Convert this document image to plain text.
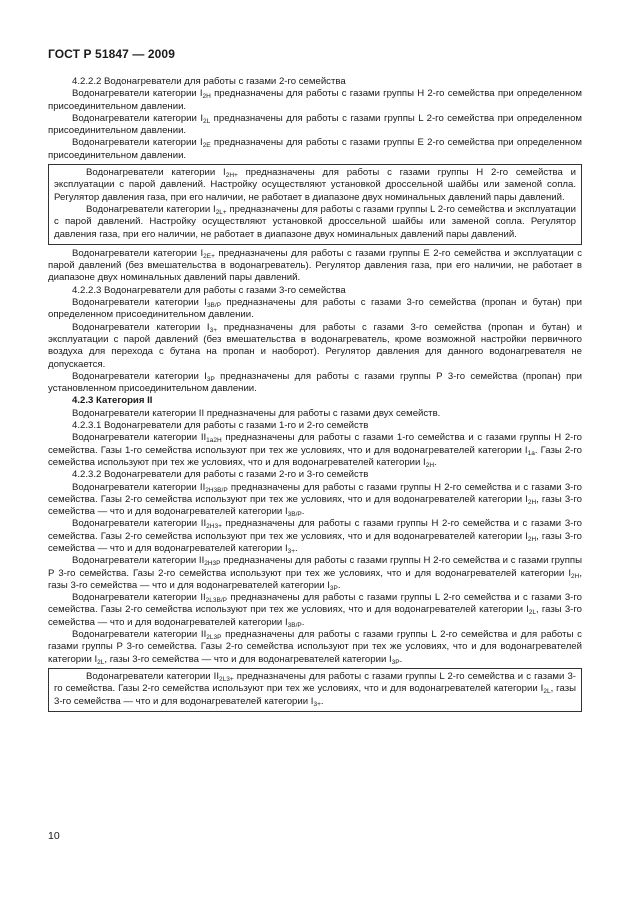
ГОСТ Р 51847 — 2009

4.2.2.2 Водонагреватели для работы с газами 2-го семейства

Водонагреватели категории $I_{2H}$ предназначены для работы с газами группы Н 2-го семейства при определенном присоединительном давлении.

Водонагреватели категории $I_{2L}$ предназначены для работы с газами группы L 2-го семейства при определенном присоединительном давлении.

Водонагреватели категории $I_{2E}$ предназначены для работы с газами группы Е 2-го семейства при определенном присоединительном давлении.

Водонагреватели категории $I_{2H+}$ предназначены для работы с газами группы Н 2-го семейства и эксплуатации с парой давлений. Настройку осуществляют установкой дроссельной шайбы или заменой сопла. Регулятор давления газа, при его наличии, не работает в диапазоне двух номинальных давлений пары давлений.

Водонагреватели категории $I_{2L+}$ предназначены для работы с газами группы L 2-го семейства и эксплуатации с парой давлений. Настройку осуществляют установкой дроссельной шайбы или заменой сопла. Регулятор давления газа, при его наличии, не работает в диапазоне двух номинальных давлений пары давлений.

Водонагреватели категории $I_{2E+}$ предназначены для работы с газами группы Е 2-го семейства и эксплуатации с парой давлений (без вмешательства в водонагреватель). Регулятор давления газа, при его наличии, не работает в диапазоне двух номинальных давлений пары давлений.

4.2.2.3 Водонагреватели для работы с газами 3-го семейства

Водонагреватели категории $I_{3B/P}$ предназначены для работы с газами 3-го семейства (пропан и бутан) при определенном присоединительном давлении.

Водонагреватели категории $I_{3+}$ предназначены для работы с газами 3-го семейства (пропан и бутан) и эксплуатации с парой давлений (без вмешательства в водонагреватель, кроме возможной настройки первичного воздуха для перехода с бутана на пропан и наоборот). Регулятор давления для данного водонагревателя не допускается.

Водонагреватели категории $I_{3P}$ предназначены для работы с газами группы Р 3-го семейства (пропан) при установленном присоединительном давлении.

4.2.3 Категория II

Водонагреватели категории II предназначены для работы с газами двух семейств.

4.2.3.1 Водонагреватели для работы с газами 1-го и 2-го семейств

Водонагреватели категории $II_{1a2H}$ предназначены для работы с газами 1-го семейства и с газами группы Н 2-го семейства. Газы 1-го семейства используют при тех же условиях, что и для водонагревателей категории $I_{1a}$. Газы 2-го семейства используют при тех же условиях, что и для водонагревателей категории $I_{2H}$.

4.2.3.2 Водонагреватели для работы с газами 2-го и 3-го семейств

Водонагреватели категории $II_{2H3B/P}$ предназначены для работы с газами группы Н 2-го семейства и с газами 3-го семейства. Газы 2-го семейства используют при тех же условиях, что и для водонагревателей категории $I_{2H}$, газы 3-го семейства — что и для водонагревателей категории $I_{3B/P}$.

Водонагреватели категории $II_{2H3+}$ предназначены для работы с газами группы Н 2-го семейства и с газами 3-го семейства. Газы 2-го семейства используют при тех же условиях, что и для водонагревателей категории $I_{2H}$, газы 3-го семейства — что и для водонагревателей категории $I_{3+}$.

Водонагреватели категории $II_{2H3P}$ предназначены для работы с газами группы Н 2-го семейства и с газами группы Р 3-го семейства. Газы 2-го семейства используют при тех же условиях, что и для водонагревателей категории $I_{2H}$, газы 3-го семейства — что и для водонагревателей категории $I_{3P}$.

Водонагреватели категории $II_{2L3B/P}$ предназначены для работы с газами группы L 2-го семейства и с газами 3-го семейства. Газы 2-го семейства используют при тех же условиях, что и для водонагревателей категории $I_{2L}$, газы 3-го семейства — что и для водонагревателей категории $I_{3B/P}$.

Водонагреватели категории $II_{2L3P}$ предназначены для работы с газами группы L 2-го семейства и для работы с газами группы Р 3-го семейства. Газы 2-го семейства используют при тех же условиях, что и для водонагревателей категории $I_{2L}$, газы 3-го семейства — что и для водонагревателей категории $I_{3P}$.

Водонагреватели категории $II_{2L3+}$ предназначены для работы с газами группы L 2-го семейства и с газами 3-го семейства. Газы 2-го семейства используют при тех же условиях, что и для водонагревателей категории $I_{2L}$, газы 3-го семейства — что и для водонагревателей категории $I_{3+}$.

10
